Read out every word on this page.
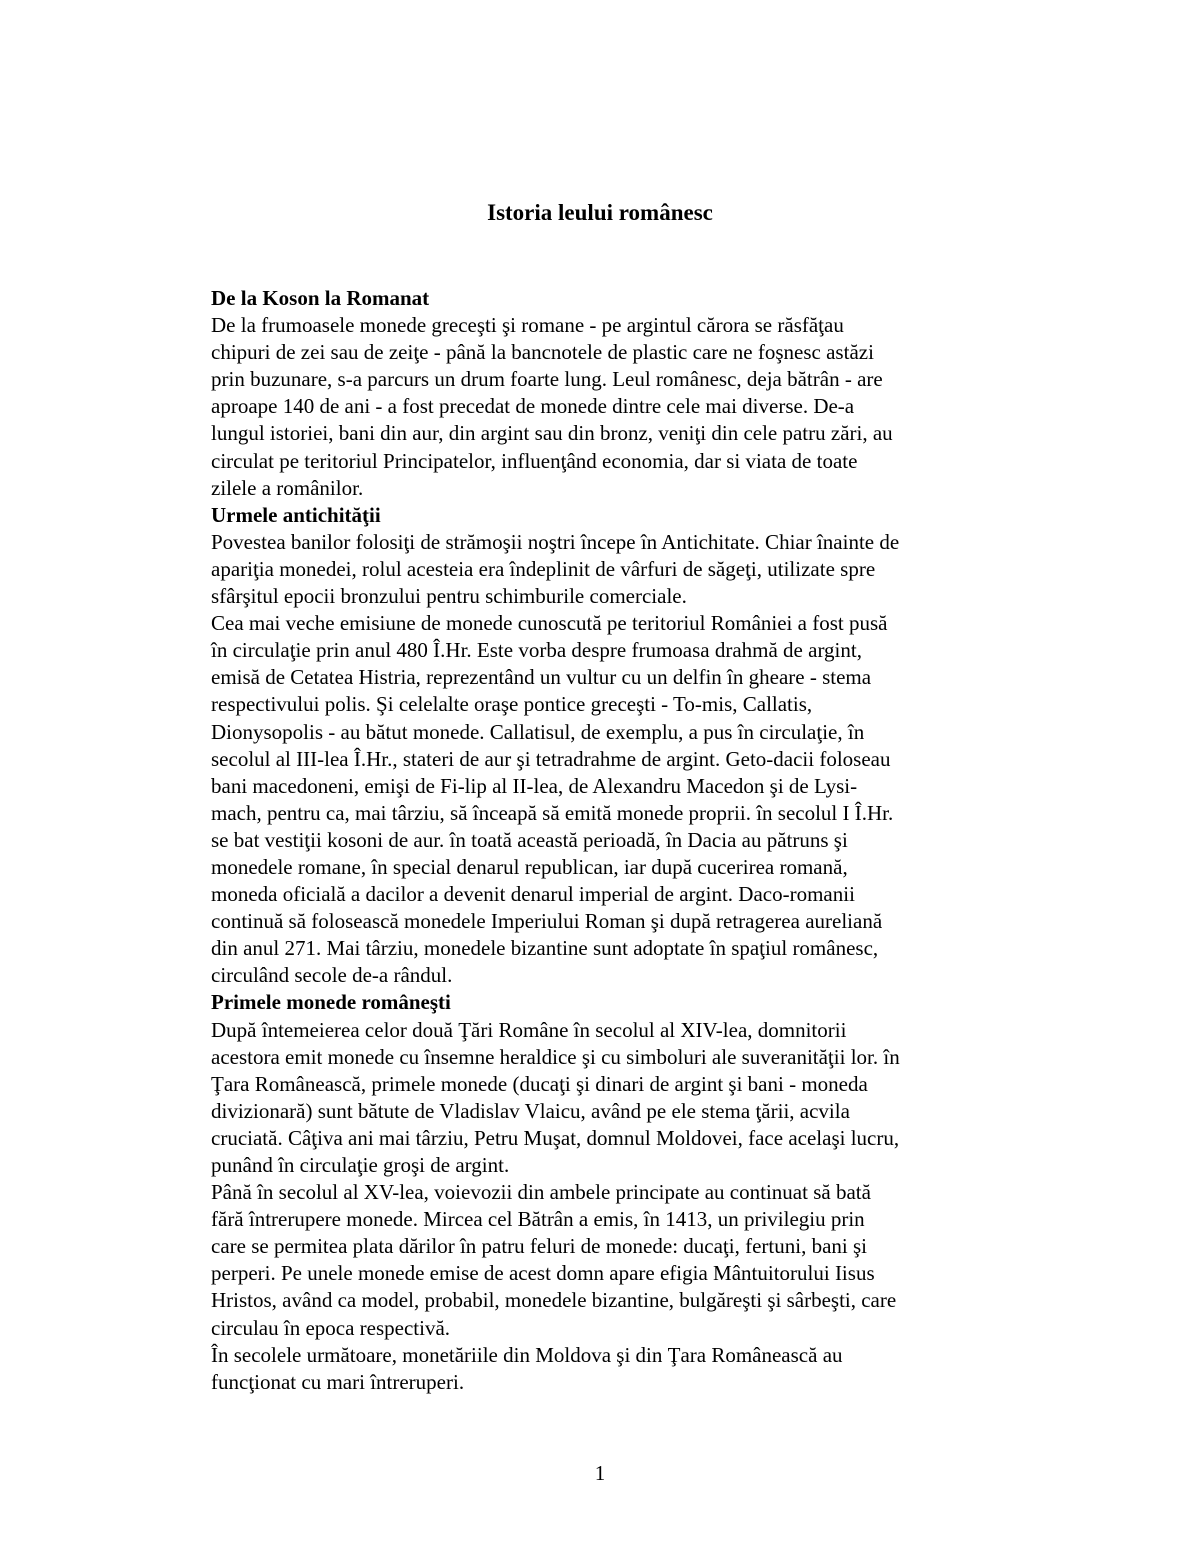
Istoria leului românesc
De la Koson la Romanat

De la frumoasele monede greceşti şi romane - pe argintul cărora se răsfăţau
chipuri de zei sau de zeiţe - până la bancnotele de plastic care ne foşnesc astăzi
prin buzunare, s-a parcurs un drum foarte lung. Leul românesc, deja bătrân - are
aproape 140 de ani - a fost precedat de monede dintre cele mai diverse. De-a
lungul istoriei, bani din aur, din argint sau din bronz, veniţi din cele patru zări, au
circulat pe teritoriul Principatelor, influenţând economia, dar si viata de toate
zilele a românilor.

Urmele antichităţii

Povestea banilor folosiţi de strămoşii noştri începe în Antichitate. Chiar înainte de
apariţia monedei, rolul acesteia era îndeplinit de vârfuri de săgeţi, utilizate spre
sfârşitul epocii bronzului pentru schimburile comerciale.

Cea mai veche emisiune de monede cunoscută pe teritoriul României a fost pusă
în circulaţie prin anul 480 Î.Hr. Este vorba despre frumoasa drahmă de argint,
emisă de Cetatea Histria, reprezentând un vultur cu un delfin în gheare - stema
respectivului polis. Şi celelalte oraşe pontice greceşti - To-mis, Callatis,
Dionysopolis - au bătut monede. Callatisul, de exemplu, a pus în circulaţie, în
secolul al III-lea Î.Hr., stateri de aur şi tetradrahme de argint. Geto-dacii foloseau
bani macedoneni, emişi de Fi-lip al II-lea, de Alexandru Macedon şi de Lysi-
mach, pentru ca, mai târziu, să înceapă să emită monede proprii. în secolul I Î.Hr.
se bat vestiţii kosoni de aur. în toată această perioadă, în Dacia au pătruns şi
monedele romane, în special denarul republican, iar după cucerirea romană,
moneda oficială a dacilor a devenit denarul imperial de argint. Daco-romanii
continuă să folosească monedele Imperiului Roman şi după retragerea aureliană
din anul 271. Mai târziu, monedele bizantine sunt adoptate în spaţiul românesc,
circulând secole de-a rândul.

Primele monede româneşti

După întemeierea celor două Ţări Române în secolul al XIV-lea, domnitorii
acestora emit monede cu însemne heraldice şi cu simboluri ale suveranităţii lor. în
Ţara Românească, primele monede (ducaţi şi dinari de argint şi bani - moneda
divizionară) sunt bătute de Vladislav Vlaicu, având pe ele stema ţării, acvila
cruciată. Câţiva ani mai târziu, Petru Muşat, domnul Moldovei, face acelaşi lucru,
punând în circulaţie groşi de argint.

Până în secolul al XV-lea, voievozii din ambele principate au continuat să bată
fără întrerupere monede. Mircea cel Bătrân a emis, în 1413, un privilegiu prin
care se permitea plata dărilor în patru feluri de monede: ducaţi, fertuni, bani şi
perperi. Pe unele monede emise de acest domn apare efigia Mântuitorului Iisus
Hristos, având ca model, probabil, monedele bizantine, bulgăreşti şi sârbeşti, care
circulau în epoca respectivă.

În secolele următoare, monetăriile din Moldova şi din Ţara Românească au
funcţionat cu mari întreruperi.

1
